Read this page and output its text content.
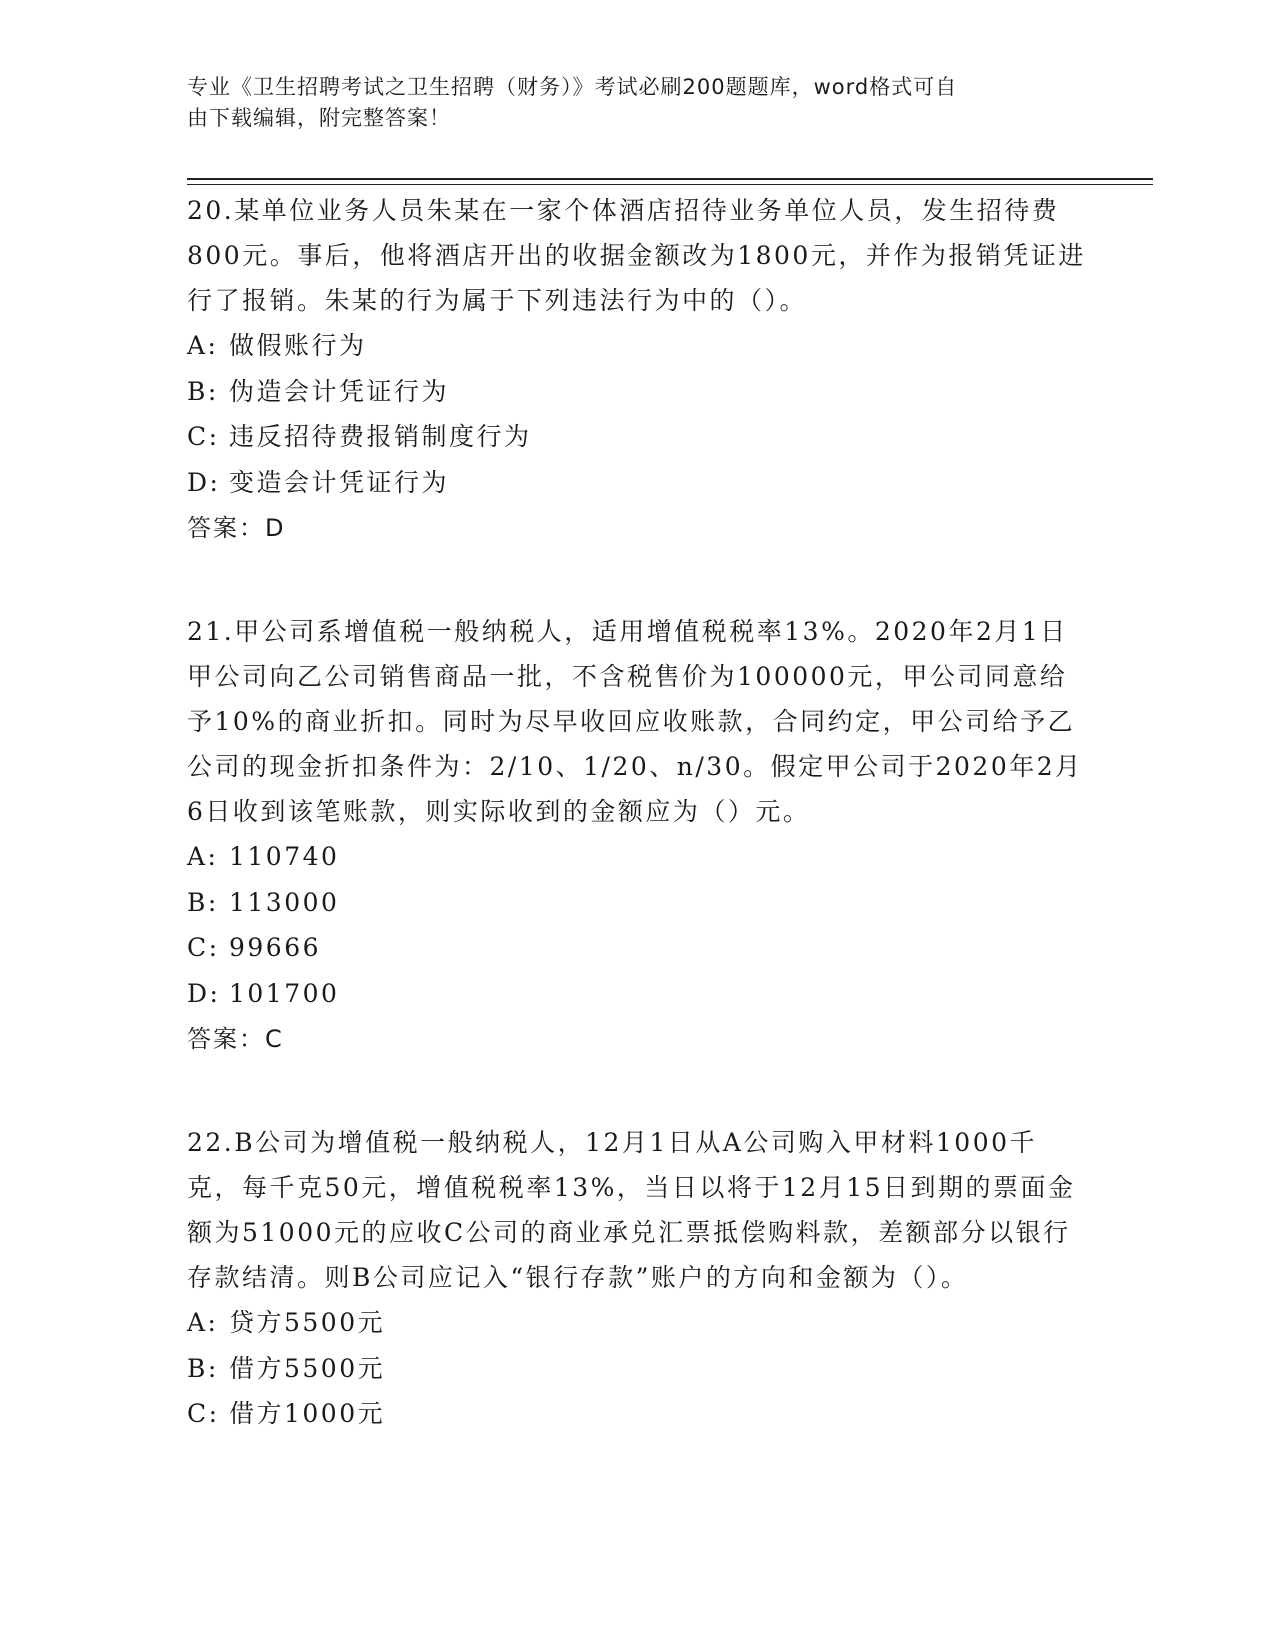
专业《卫生招聘考试之卫生招聘（财务）》考试必刷200题题库，word格式可自
由下载编辑，附完整答案！
20.某单位业务人员朱某在一家个体酒店招待业务单位人员，发生招待费800元。事后，他将酒店开出的收据金额改为1800元，并作为报销凭证进行了报销。朱某的行为属于下列违法行为中的（）。
A: 做假账行为
B: 伪造会计凭证行为
C: 违反招待费报销制度行为
D: 变造会计凭证行为
答案：D
21.甲公司系增值税一般纳税人，适用增值税税率13%。2020年2月1日甲公司向乙公司销售商品一批，不含税售价为100000元，甲公司同意给予10%的商业折扣。同时为尽早收回应收账款，合同约定，甲公司给予乙公司的现金折扣条件为：2/10、1/20、n/30。假定甲公司于2020年2月6日收到该笔账款，则实际收到的金额应为（）元。
A: 110740
B: 113000
C: 99666
D: 101700
答案：C
22.B公司为增值税一般纳税人，12月1日从A公司购入甲材料1000千克，每千克50元，增值税税率13%，当日以将于12月15日到期的票面金额为51000元的应收C公司的商业承兑汇票抵偿购料款，差额部分以银行存款结清。则B公司应记入“银行存款”账户的方向和金额为（）。
A: 贷方5500元
B: 借方5500元
C: 借方1000元
